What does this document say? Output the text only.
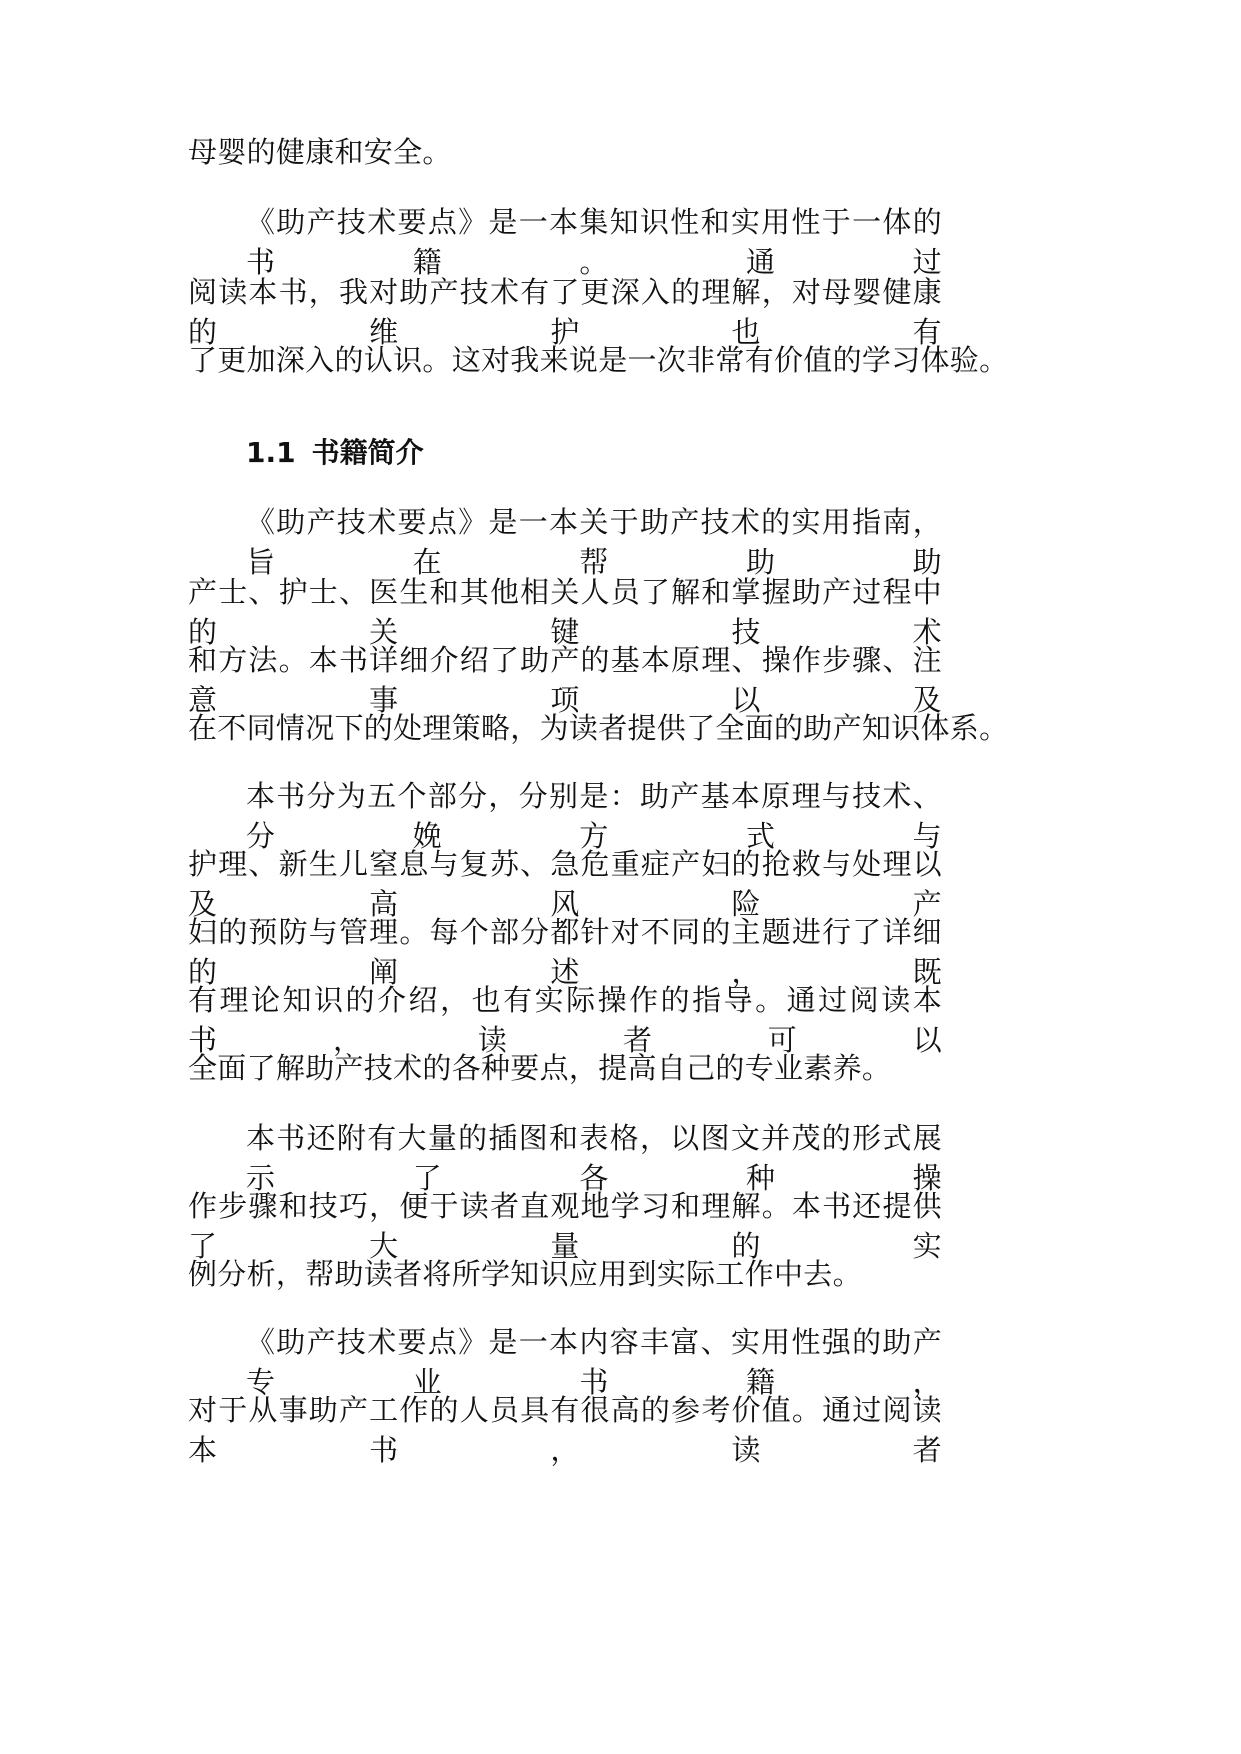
母婴的健康和安全。
《助产技术要点》是一本集知识性和实用性于一体的书籍。通过
阅读本书，我对助产技术有了更深入的理解，对母婴健康的维护也有
了更加深入的认识。这对我来说是一次非常有价值的学习体验。
1.1 书籍简介
《助产技术要点》是一本关于助产技术的实用指南，旨在帮助助
产士、护士、医生和其他相关人员了解和掌握助产过程中的关键技术
和方法。本书详细介绍了助产的基本原理、操作步骤、注意事项以及
在不同情况下的处理策略，为读者提供了全面的助产知识体系。
本书分为五个部分，分别是：助产基本原理与技术、分娩方式与
护理、新生儿窒息与复苏、急危重症产妇的抢救与处理以及高风险产
妇的预防与管理。每个部分都针对不同的主题进行了详细的阐述，既
有理论知识的介绍，也有实际操作的指导。通过阅读本书，读者可以
全面了解助产技术的各种要点，提高自己的专业素养。
本书还附有大量的插图和表格，以图文并茂的形式展示了各种操
作步骤和技巧，便于读者直观地学习和理解。本书还提供了大量的实
例分析，帮助读者将所学知识应用到实际工作中去。
《助产技术要点》是一本内容丰富、实用性强的助产专业书籍，
对于从事助产工作的人员具有很高的参考价值。通过阅读本书，读者
